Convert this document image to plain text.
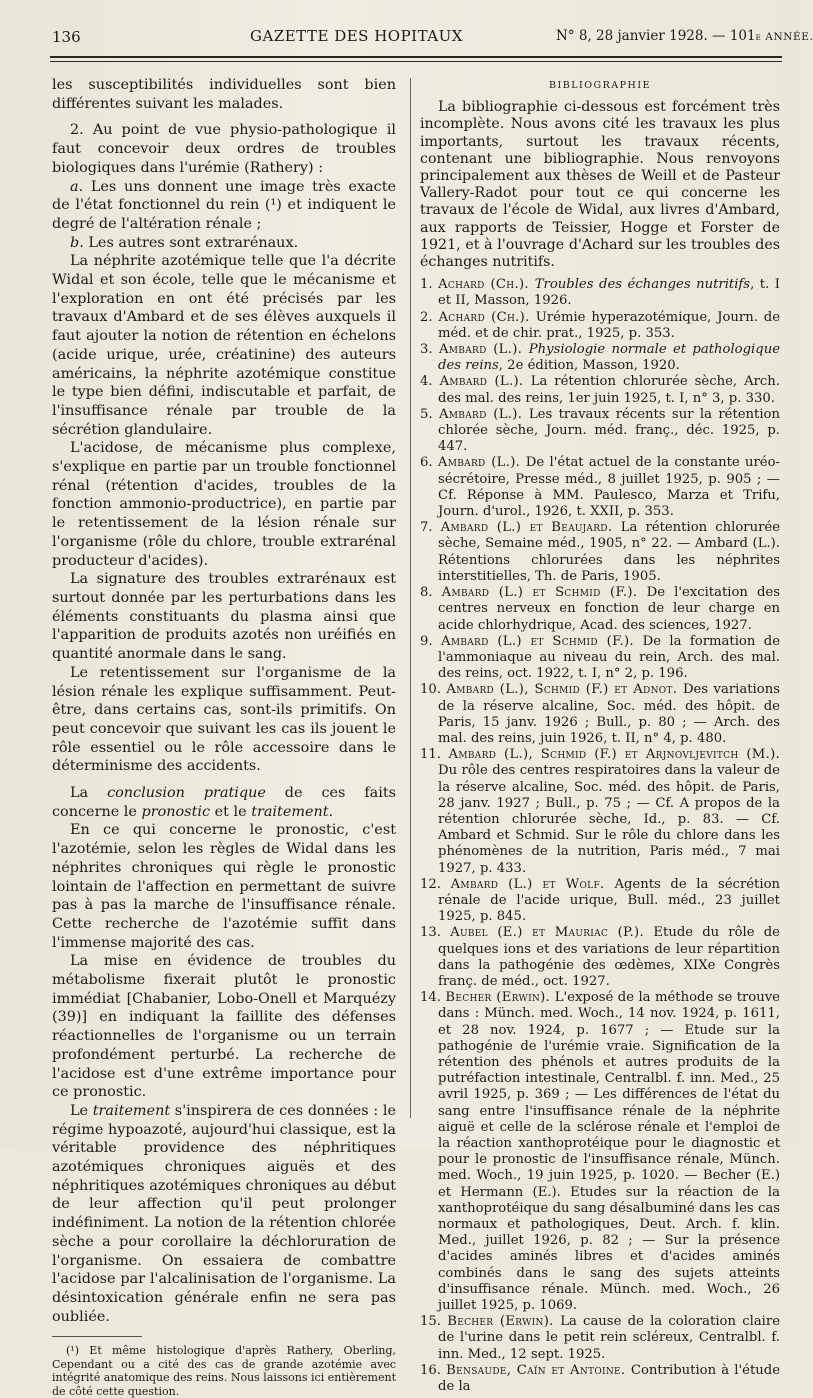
136	GAZETTE DES HOPITAUX	N° 8, 28 janvier 1928. — 101e ANNÉE.

les susceptibilités individuelles sont bien différentes suivant les malades.

2. Au point de vue physio-pathologique il faut concevoir deux ordres de troubles biologiques dans l'urémie (Rathery) :

a. Les uns donnent une image très exacte de l'état fonctionnel du rein (¹) et indiquent le degré de l'altération rénale ;

b. Les autres sont extrarénaux.

La néphrite azotémique telle que l'a décrite Widal et son école, telle que le mécanisme et l'exploration en ont été précisés par les travaux d'Ambard et de ses élèves auxquels il faut ajouter la notion de rétention en échelons (acide urique, urée, créatinine) des auteurs américains, la néphrite azotémique constitue le type bien défini, indiscutable et parfait, de l'insuffisance rénale par trouble de la sécrétion glandulaire.

L'acidose, de mécanisme plus complexe, s'explique en partie par un trouble fonctionnel rénal (rétention d'acides, troubles de la fonction ammonio-productrice), en partie par le retentissement de la lésion rénale sur l'organisme (rôle du chlore, trouble extrarénal producteur d'acides).

La signature des troubles extrarénaux est surtout donnée par les perturbations dans les éléments constituants du plasma ainsi que l'apparition de produits azotés non uréifiés en quantité anormale dans le sang.

Le retentissement sur l'organisme de la lésion rénale les explique suffisamment. Peut-être, dans certains cas, sont-ils primitifs. On peut concevoir que suivant les cas ils jouent le rôle essentiel ou le rôle accessoire dans le déterminisme des accidents.

La conclusion pratique de ces faits concerne le pronostic et le traitement.

En ce qui concerne le pronostic, c'est l'azotémie, selon les règles de Widal dans les néphrites chroniques qui règle le pronostic lointain de l'affection en permettant de suivre pas à pas la marche de l'insuffisance rénale. Cette recherche de l'azotémie suffit dans l'immense majorité des cas.

La mise en évidence de troubles du métabolisme fixerait plutôt le pronostic immédiat [Chabanier, Lobo-Onell et Marquézy (39)] en indiquant la faillite des défenses réactionnelles de l'organisme ou un terrain profondément perturbé. La recherche de l'acidose est d'une extrême importance pour ce pronostic.

Le traitement s'inspirera de ces données : le régime hypoazoté, aujourd'hui classique, est la véritable providence des néphritiques azotémiques chroniques aiguës et des néphritiques azotémiques chroniques au début de leur affection qu'il peut prolonger indéfiniment. La notion de la rétention chlorée sèche a pour corollaire la déchloruration de l'organisme. On essaiera de combattre l'acidose par l'alcalinisation de l'organisme. La désintoxication générale enfin ne sera pas oubliée.

(¹) Et même histologique d'après Rathery, Oberling, Cependant ou a cité des cas de grande azotémie avec intégrité anatomique des reins. Nous laissons ici entièrement de côté cette question.

BIBLIOGRAPHIE

La bibliographie ci-dessous est forcément très incomplète. Nous avons cité les travaux les plus importants, surtout les travaux récents, contenant une bibliographie. Nous renvoyons principalement aux thèses de Weill et de Pasteur Vallery-Radot pour tout ce qui concerne les travaux de l'école de Widal, aux livres d'Ambard, aux rapports de Teissier, Hogge et Forster de 1921, et à l'ouvrage d'Achard sur les troubles des échanges nutritifs.

1. Achard (Ch.). Troubles des échanges nutritifs, t. I et II, Masson, 1926.

2. Achard (Ch.). Urémie hyperazotémique, Journ. de méd. et de chir. prat., 1925, p. 353.

3. Ambard (L.). Physiologie normale et pathologique des reins, 2e édition, Masson, 1920.

4. Ambard (L.). La rétention chlorurée sèche, Arch. des mal. des reins, 1er juin 1925, t. I, n° 3, p. 330.

5. Ambard (L.). Les travaux récents sur la rétention chlorée sèche, Journ. méd. franç., déc. 1925, p. 447.

6. Ambard (L.). De l'état actuel de la constante uréo-sécrétoire, Presse méd., 8 juillet 1925, p. 905 ; — Cf. Réponse à MM. Paulesco, Marza et Trifu, Journ. d'urol., 1926, t. XXII, p. 353.

7. Ambard (L.) et Beaujard. La rétention chlorurée sèche, Semaine méd., 1905, n° 22. — Ambard (L.). Rétentions chlorurées dans les néphrites interstitielles, Th. de Paris, 1905.

8. Ambard (L.) et Schmid (F.). De l'excitation des centres nerveux en fonction de leur charge en acide chlorhydrique, Acad. des sciences, 1927.

9. Ambard (L.) et Schmid (F.). De la formation de l'ammoniaque au niveau du rein, Arch. des mal. des reins, oct. 1922, t. I, n° 2, p. 196.

10. Ambard (L.), Schmid (F.) et Adnot. Des variations de la réserve alcaline, Soc. méd. des hôpit. de Paris, 15 janv. 1926 ; Bull., p. 80 ; — Arch. des mal. des reins, juin 1926, t. II, n° 4, p. 480.

11. Ambard (L.), Schmid (F.) et Arjnovljevitch (M.). Du rôle des centres respiratoires dans la valeur de la réserve alcaline, Soc. méd. des hôpit. de Paris, 28 janv. 1927 ; Bull., p. 75 ; — Cf. A propos de la rétention chlorurée sèche, Id., p. 83. — Cf. Ambard et Schmid. Sur le rôle du chlore dans les phénomènes de la nutrition, Paris méd., 7 mai 1927, p. 433.

12. Ambard (L.) et Wolf. Agents de la sécrétion rénale de l'acide urique, Bull. méd., 23 juillet 1925, p. 845.

13. Aubel (E.) et Mauriac (P.). Etude du rôle de quelques ions et des variations de leur répartition dans la pathogénie des œdèmes, XIXe Congrès franç. de méd., oct. 1927.

14. Becher (Erwin). L'exposé de la méthode se trouve dans : Münch. med. Woch., 14 nov. 1924, p. 1611, et 28 nov. 1924, p. 1677 ; — Etude sur la pathogénie de l'urémie vraie. Signification de la rétention des phénols et autres produits de la putréfaction intestinale, Centralbl. f. inn. Med., 25 avril 1925, p. 369 ; — Les différences de l'état du sang entre l'insuffisance rénale de la néphrite aiguë et celle de la sclérose rénale et l'emploi de la réaction xanthoprotéique pour le diagnostic et pour le pronostic de l'insuffisance rénale, Münch. med. Woch., 19 juin 1925, p. 1020. — Becher (E.) et Hermann (E.). Etudes sur la réaction de la xanthoprotéique du sang désalbuminé dans les cas normaux et pathologiques, Deut. Arch. f. klin. Med., juillet 1926, p. 82 ; — Sur la présence d'acides aminés libres et d'acides aminés combinés dans le sang des sujets atteints d'insuffisance rénale. Münch. med. Woch., 26 juillet 1925, p. 1069.

15. Becher (Erwin). La cause de la coloration claire de l'urine dans le petit rein scléreux, Centralbl. f. inn. Med., 12 sept. 1925.

16. Bensaude, Caïn et Antoine. Contribution à l'étude de la
